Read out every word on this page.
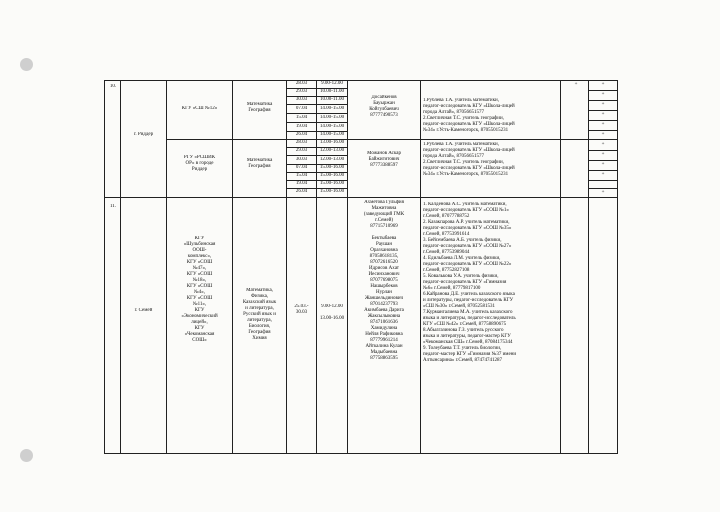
10.
г. Риддер
КГУ «СШ №12»
Математика
География
28.03
29.03
30.03
07.04
15.04
19.04
26.04
9.00-12.00
10.00-11.00
10.00-11.00
14.00-15.00
14.00-15.00
14.00-15.00
14.00-15.00
Досайкенов
Бауыржан
Койгулбаевич
87777490573
1.Рублева Т.А. учитель математики,
педагог-исследователь КГУ «Школа-лицей
города Алтай», 87056651577
2.Светличная Т.С. учитель географии,
педагог-исследователь КГУ «Школа-лицей
№34» г.Усть-Каменогорск, 87055015231
РГУ «РСШИК
ОР» в городе
Риддер
Математика
География
28.03
29.03
30.03
07.04
15.04
19.04
26.04
13.00-16.00
12.00-13.00
12.00-13.00
15.00-16.00
15.00-16.00
15.00-16.00
15.00-16.00
Можанов Аскар
Байжигитович
87773388597
1.Рублева Т.А. учитель математики,
педагог-исследователь КГУ «Школа-лицей
города Алтай», 87056651577
2.Светличная Т.С. учитель географии,
педагог-исследователь КГУ «Школа-лицей
№34» г.Усть-Каменогорск, 87055015231
+	+
+
+
+
+
+
+
+
+
+
+
11.
г. Семей
КГУ
«Шульбинская
ООШ-
комплекс»,
КГУ «СОШ
№47»,
КГУ «СОШ
№18»,
КГУ «СОШ
№4»,
КГУ «СОШ
№11»,
КГУ
«Экономический
лицей»,
КГУ
«Чекоманская
СОШ»
Математика,
Физика,
Казахский язык
и литература,
Русский язык и
литература,
Биология,
География
Химия
25.03.-
30.03
9.00-12.00

13.00-16.00
Ахметова Гульфия
Мажитовна
(заведующий ГМК
г.Семей)
87715710969

Бектыбаева
Раушан
Оразхановна
87058618135,
87072616520
Идрисов Ахат
Иесинханович
87077698075
Нашырбеков
Нурлан
Жаншельдинович
87014237793
Акимбаева Дарига
Жаксылыковна
87471061636
Хамидулина
Нейля Рафиковна
87779961214
Айткалина Кулан
Мадыбаевна
87758863595
1. Калденова А.С. учитель математики,
педагог-исследователь КГУ «СОШ №1»
г.Семей, 87077788752
2. Казакпарова А.Р. учитель математики,
педагог-исследователь КГУ «СОШ №35»
г.Семей, 87753991614
3. Бейсембаева А.Б. учитель физики,
педагог-исследователь КГУ «СОШ №27»
г.Семей, 87753989044
4. Едильбаева Л.М. учитель физики,
педагог-исследователь КГУ «СОШ №22»
г.Семей, 87752827108
5. Ковалькова У.А. учитель физики,
педагог-исследователь КГУ «Гимназия
№6» г.Семей, 87779817100
6.Кайранова Д.Е. учитель казахского языка
и литературы, педагог-исследователь КГУ
«СШ №30» г.Семей, 87052581531
7.Курмангалиева М.А. учитель казахского
языка и литературы, педагог-исследователь
КГУ «СШ №42» г.Семей, 87758890675
8.Абылгазинова Г.З. учитель русского
языка и литературы, педагог-мастер КГУ
«Чекоманская СШ» г.Семей, 87084175344
9. Толеубаева Т.Т. учитель биологии,
педагог-мастер КГУ «Гимназия №37 имени
Алтынсарина» г.Семей, 87474741287
